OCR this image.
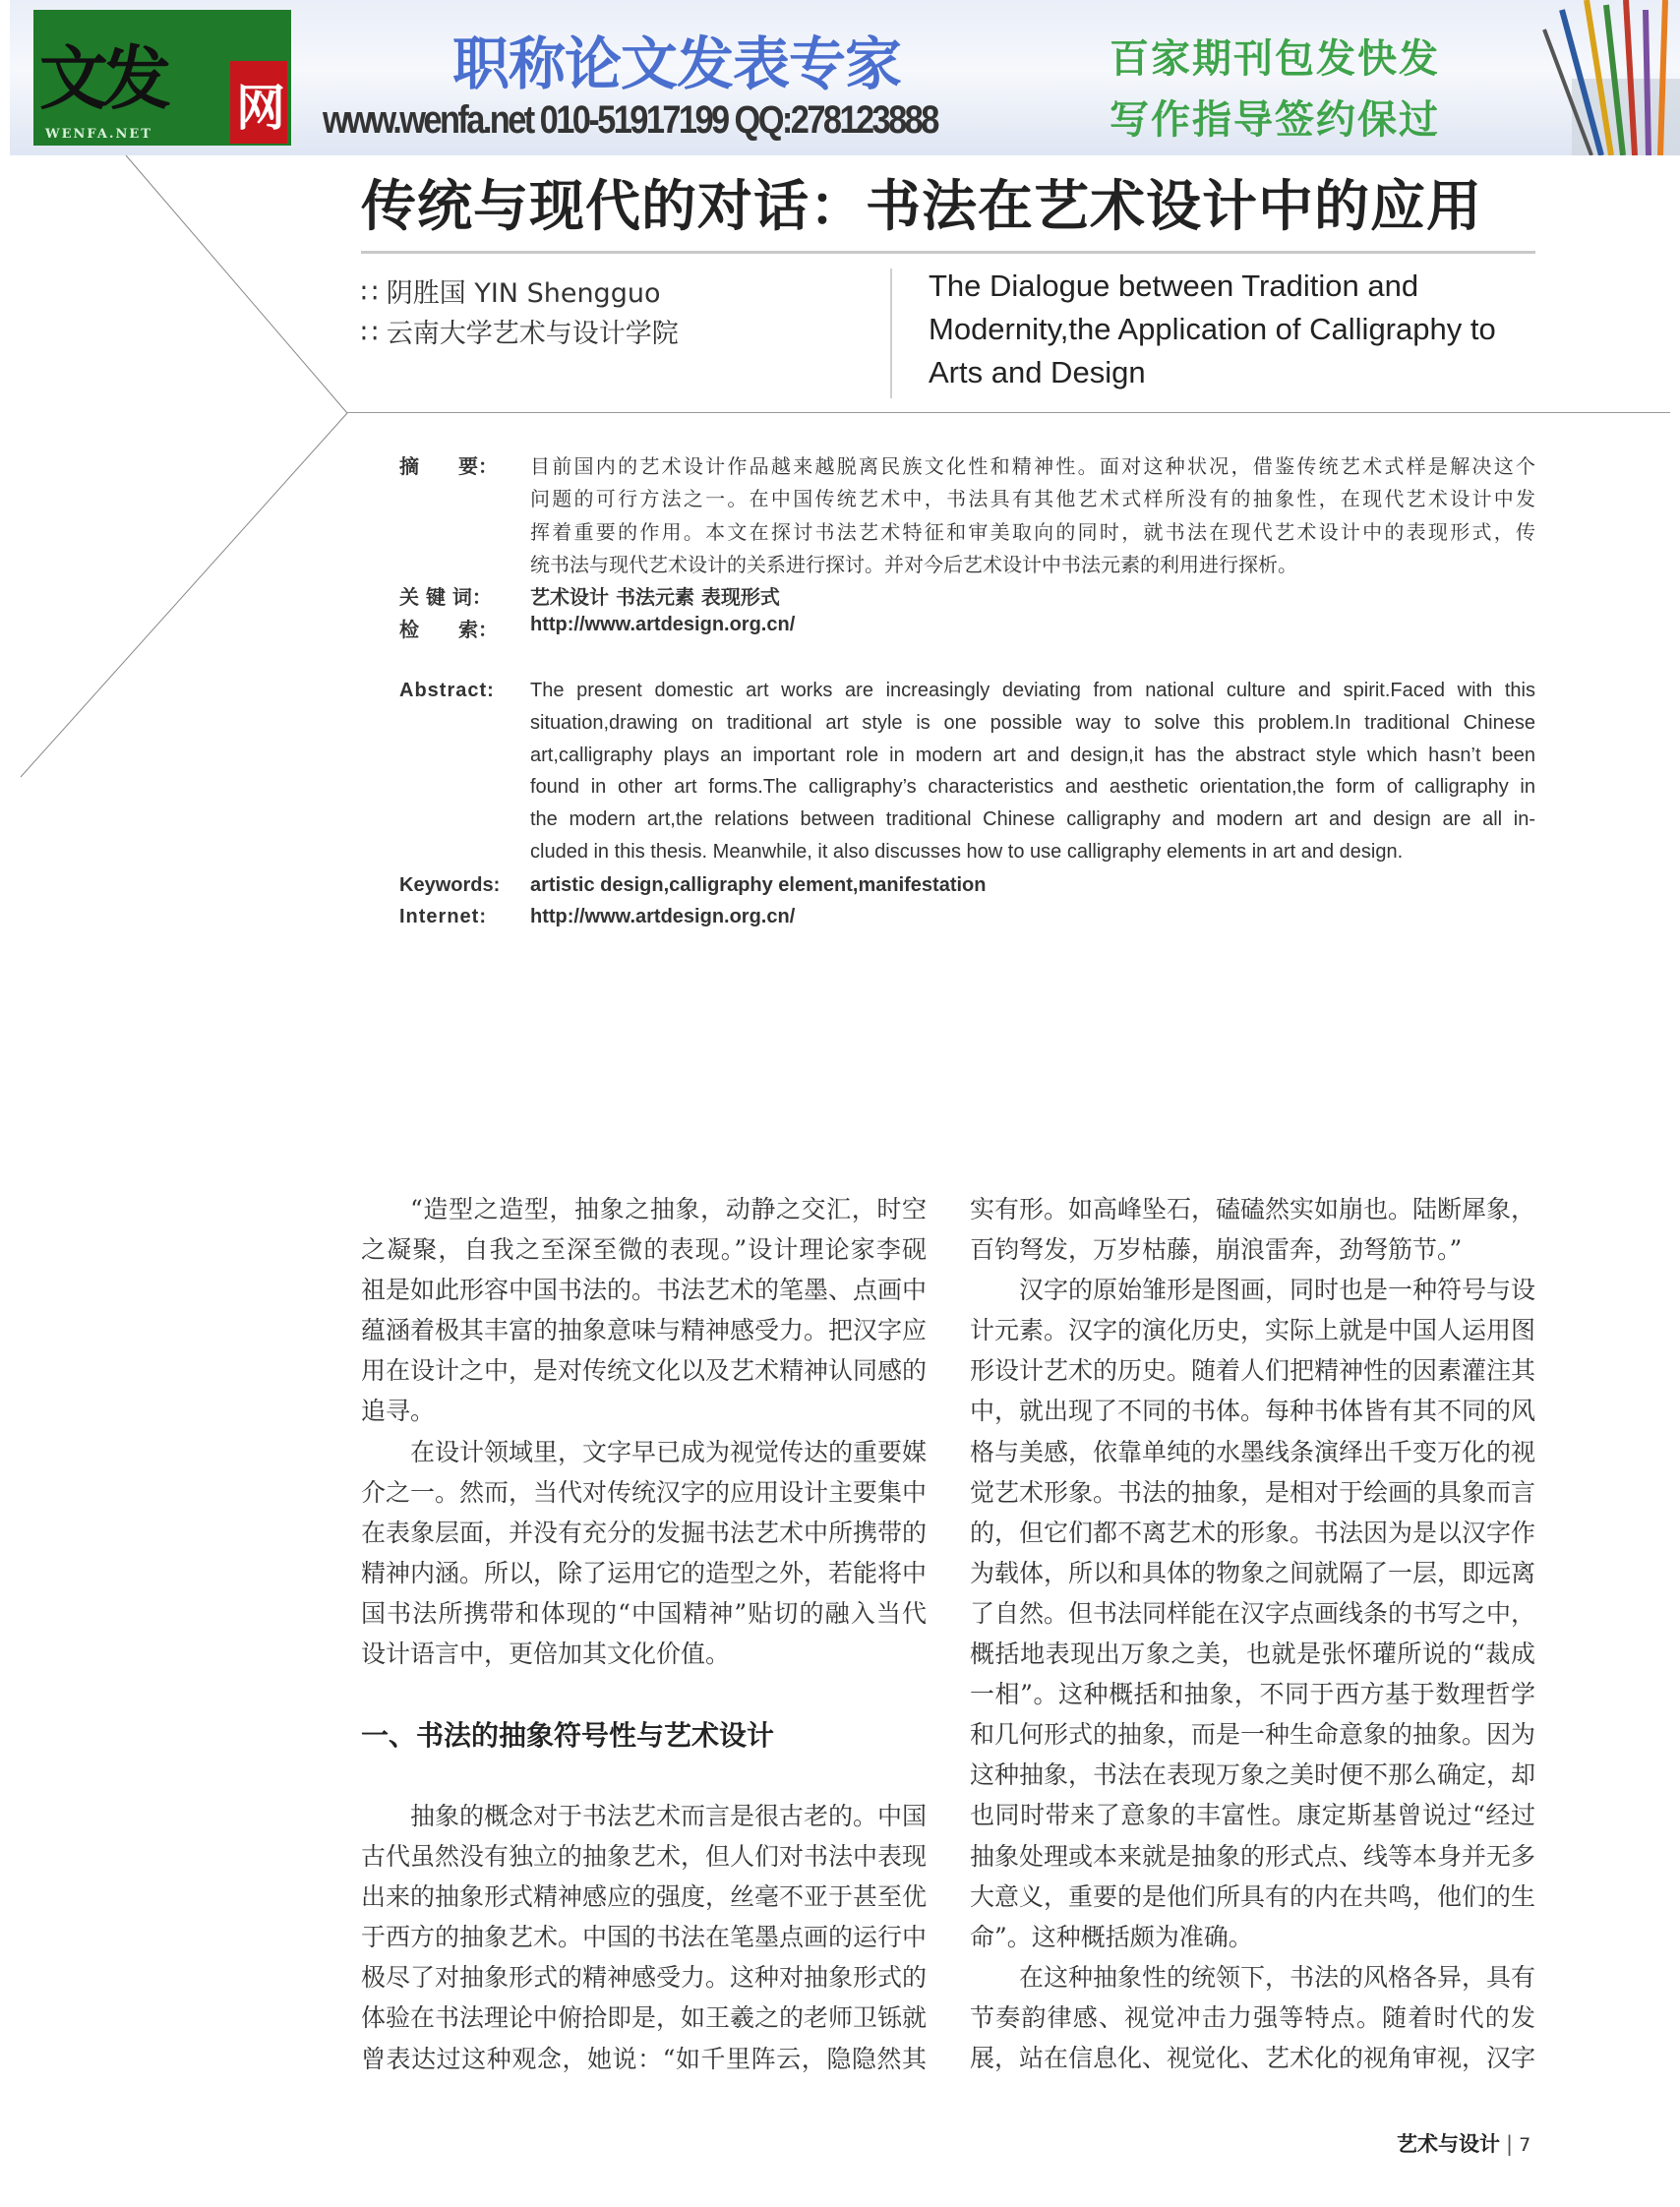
文发 网
WENFA.NET
职称论文发表专家
www.wenfa.net 010-51917199 QQ:278123888
百家期刊包发快发
写作指导签约保过
传统与现代的对话：书法在艺术设计中的应用
∷ 阴胜国 YIN Shengguo
∷ 云南大学艺术与设计学院
The Dialogue between Tradition and
Modernity,the Application of Calligraphy to
Arts and Design
摘　　要：	目前国内的艺术设计作品越来越脱离民族文化性和精神性。面对这种状况，借鉴传统艺术式样是解决这个
问题的可行方法之一。在中国传统艺术中，书法具有其他艺术式样所没有的抽象性，在现代艺术设计中发
挥着重要的作用。本文在探讨书法艺术特征和审美取向的同时，就书法在现代艺术设计中的表现形式，传
统书法与现代艺术设计的关系进行探讨。并对今后艺术设计中书法元素的利用进行探析。
关 键 词：	艺术设计 书法元素 表现形式
检　　索：	http://www.artdesign.org.cn/
Abstract:	The present domestic art works are increasingly deviating from national culture and spirit.Faced with this
situation,drawing on traditional art style is one possible way to solve this problem.In traditional Chinese
art,calligraphy plays an important role in modern art and design,it has the abstract style which hasn’t been
found in other art forms.The calligraphy’s characteristics and aesthetic orientation,the form of calligraphy in
the modern art,the relations between traditional Chinese calligraphy and modern art and design are all in-
cluded in this thesis. Meanwhile, it also discusses how to use calligraphy elements in art and design.
Keywords:	artistic design,calligraphy element,manifestation
Internet:	http://www.artdesign.org.cn/
“造型之造型，抽象之抽象，动静之交汇，时空
之凝聚，自我之至深至微的表现。”设计理论家李砚
祖是如此形容中国书法的。书法艺术的笔墨、点画中
蕴涵着极其丰富的抽象意味与精神感受力。把汉字应
用在设计之中，是对传统文化以及艺术精神认同感的
追寻。
在设计领域里，文字早已成为视觉传达的重要媒
介之一。然而，当代对传统汉字的应用设计主要集中
在表象层面，并没有充分的发掘书法艺术中所携带的
精神内涵。所以，除了运用它的造型之外，若能将中
国书法所携带和体现的“中国精神”贴切的融入当代
设计语言中，更倍加其文化价值。
一、书法的抽象符号性与艺术设计
抽象的概念对于书法艺术而言是很古老的。中国
古代虽然没有独立的抽象艺术，但人们对书法中表现
出来的抽象形式精神感应的强度，丝毫不亚于甚至优
于西方的抽象艺术。中国的书法在笔墨点画的运行中
极尽了对抽象形式的精神感受力。这种对抽象形式的
体验在书法理论中俯拾即是，如王羲之的老师卫铄就
曾表达过这种观念，她说：“如千里阵云，隐隐然其
实有形。如高峰坠石，磕磕然实如崩也。陆断犀象，
百钧弩发，万岁枯藤，崩浪雷奔，劲弩筋节。”
汉字的原始雏形是图画，同时也是一种符号与设
计元素。汉字的演化历史，实际上就是中国人运用图
形设计艺术的历史。随着人们把精神性的因素灌注其
中，就出现了不同的书体。每种书体皆有其不同的风
格与美感，依靠单纯的水墨线条演绎出千变万化的视
觉艺术形象。书法的抽象，是相对于绘画的具象而言
的，但它们都不离艺术的形象。书法因为是以汉字作
为载体，所以和具体的物象之间就隔了一层，即远离
了自然。但书法同样能在汉字点画线条的书写之中，
概括地表现出万象之美，也就是张怀瓘所说的“裁成
一相”。这种概括和抽象，不同于西方基于数理哲学
和几何形式的抽象，而是一种生命意象的抽象。因为
这种抽象，书法在表现万象之美时便不那么确定，却
也同时带来了意象的丰富性。康定斯基曾说过“经过
抽象处理或本来就是抽象的形式点、线等本身并无多
大意义，重要的是他们所具有的内在共鸣，他们的生
命”。这种概括颇为准确。
在这种抽象性的统领下，书法的风格各异，具有
节奏韵律感、视觉冲击力强等特点。随着时代的发
展，站在信息化、视觉化、艺术化的视角审视，汉字
艺术与设计 | 7
